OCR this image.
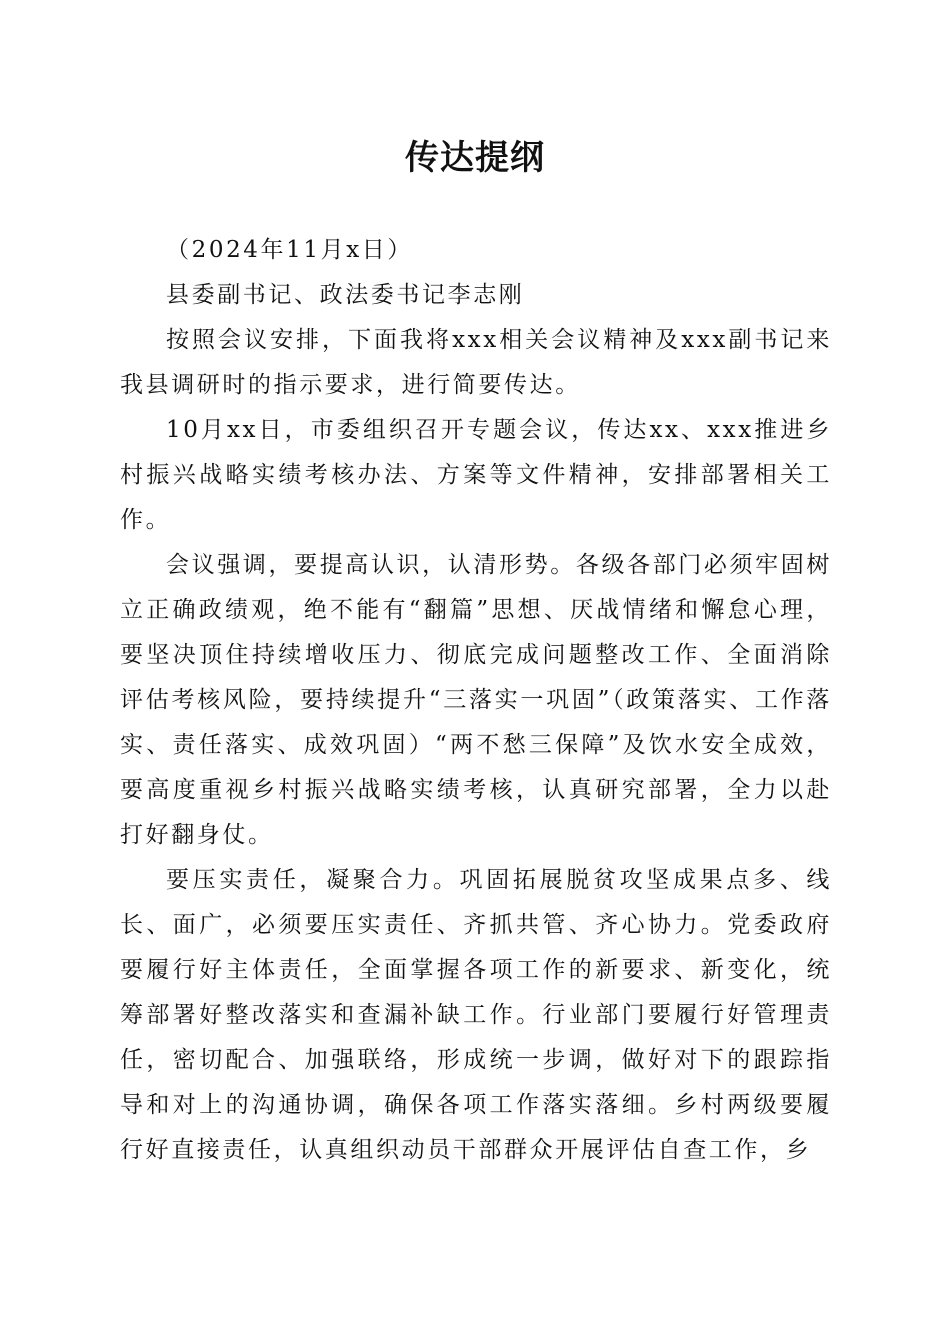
传达提纲

（2024年11月x日）

县委副书记、政法委书记李志刚

按照会议安排，下面我将xxx相关会议精神及xxx副书记来我县调研时的指示要求，进行简要传达。

10月xx日，市委组织召开专题会议，传达xx、xxx推进乡村振兴战略实绩考核办法、方案等文件精神，安排部署相关工作。

会议强调，要提高认识，认清形势。各级各部门必须牢固树立正确政绩观，绝不能有“翻篇”思想、厌战情绪和懈怠心理，要坚决顶住持续增收压力、彻底完成问题整改工作、全面消除评估考核风险，要持续提升“三落实一巩固”（政策落实、工作落实、责任落实、成效巩固）“两不愁三保障”及饮水安全成效，要高度重视乡村振兴战略实绩考核，认真研究部署，全力以赴打好翻身仗。

要压实责任，凝聚合力。巩固拓展脱贫攻坚成果点多、线长、面广，必须要压实责任、齐抓共管、齐心协力。党委政府要履行好主体责任，全面掌握各项工作的新要求、新变化，统筹部署好整改落实和查漏补缺工作。行业部门要履行好管理责任，密切配合、加强联络，形成统一步调，做好对下的跟踪指导和对上的沟通协调，确保各项工作落实落细。乡村两级要履行好直接责任，认真组织动员干部群众开展评估自查工作，乡
